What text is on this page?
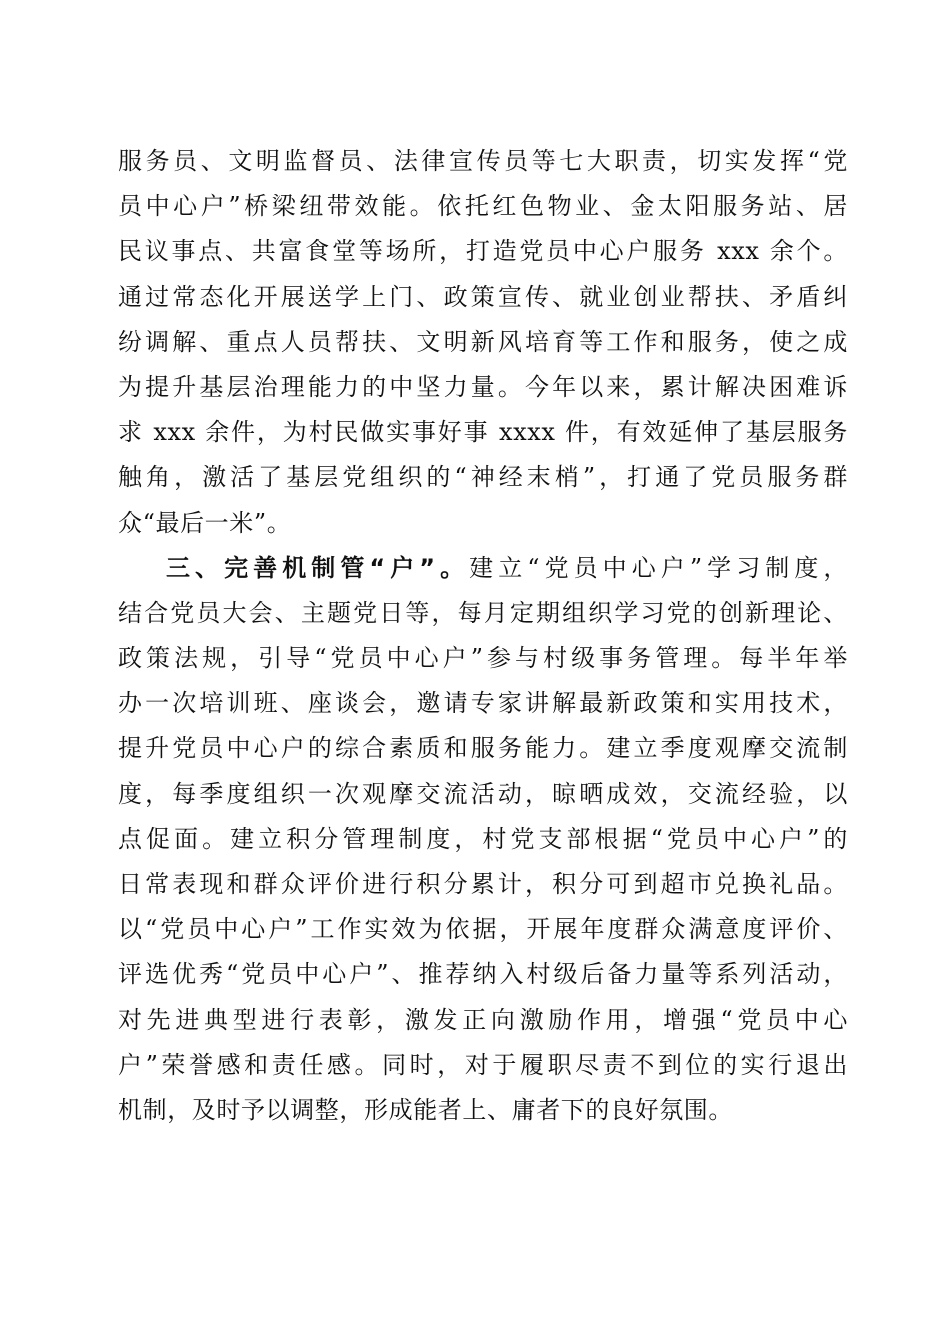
服务员、文明监督员、法律宣传员等七大职责，切实发挥“党
员中心户”桥梁纽带效能。依托红色物业、金太阳服务站、居
民议事点、共富食堂等场所，打造党员中心户服务 xxx 余个。
通过常态化开展送学上门、政策宣传、就业创业帮扶、矛盾纠
纷调解、重点人员帮扶、文明新风培育等工作和服务，使之成
为提升基层治理能力的中坚力量。今年以来，累计解决困难诉
求 xxx 余件，为村民做实事好事 xxxx 件，有效延伸了基层服务
触角，激活了基层党组织的“神经末梢”，打通了党员服务群
众“最后一米”。
三、完善机制管“户”。建立“党员中心户”学习制度，
结合党员大会、主题党日等，每月定期组织学习党的创新理论、
政策法规，引导“党员中心户”参与村级事务管理。每半年举
办一次培训班、座谈会，邀请专家讲解最新政策和实用技术，
提升党员中心户的综合素质和服务能力。建立季度观摩交流制
度，每季度组织一次观摩交流活动，晾晒成效，交流经验，以
点促面。建立积分管理制度，村党支部根据“党员中心户”的
日常表现和群众评价进行积分累计，积分可到超市兑换礼品。
以“党员中心户”工作实效为依据，开展年度群众满意度评价、
评选优秀“党员中心户”、推荐纳入村级后备力量等系列活动，
对先进典型进行表彰，激发正向激励作用，增强“党员中心
户”荣誉感和责任感。同时，对于履职尽责不到位的实行退出
机制，及时予以调整，形成能者上、庸者下的良好氛围。
